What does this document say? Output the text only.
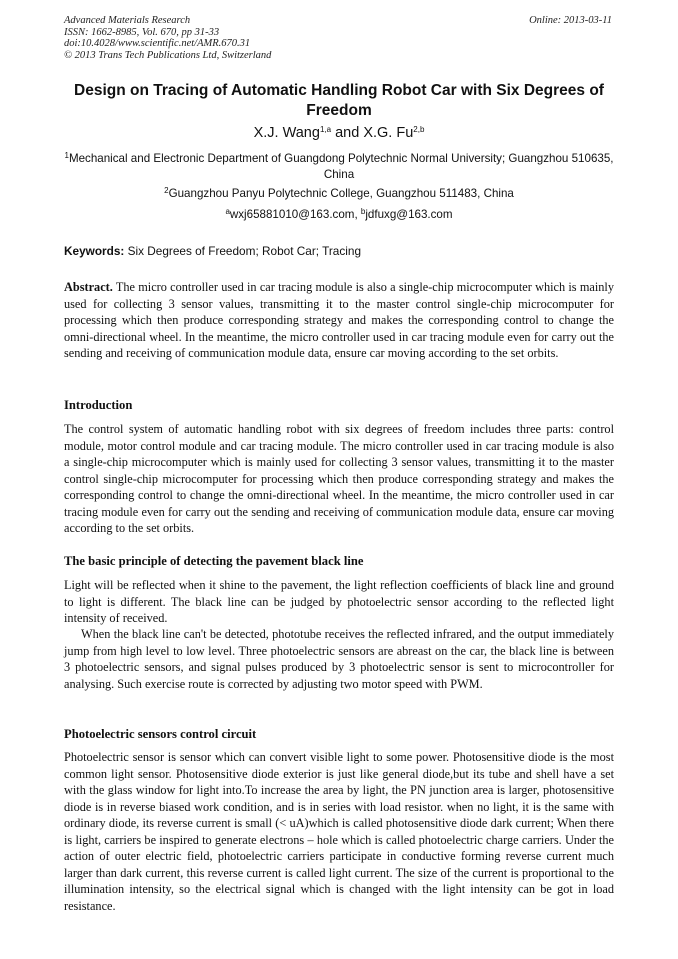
Advanced Materials Research
ISSN: 1662-8985, Vol. 670, pp 31-33
doi:10.4028/www.scientific.net/AMR.670.31
© 2013 Trans Tech Publications Ltd, Switzerland
Online: 2013-03-11
Design on Tracing of Automatic Handling Robot Car with Six Degrees of Freedom
X.J. Wang$^{1,a}$ and X.G. Fu$^{2,b}$
$^1$Mechanical and Electronic Department of Guangdong Polytechnic Normal University; Guangzhou 510635, China
$^2$Guangzhou Panyu Polytechnic College, Guangzhou 511483, China
$^a$wxj65881010@163.com, $^b$jdfuxg@163.com
Keywords: Six Degrees of Freedom; Robot Car; Tracing
Abstract. The micro controller used in car tracing module is also a single-chip microcomputer which is mainly used for collecting 3 sensor values, transmitting it to the master control single-chip microcomputer for processing which then produce corresponding strategy and makes the corresponding control to change the omni-directional wheel. In the meantime, the micro controller used in car tracing module even for carry out the sending and receiving of communication module data, ensure car moving according to the set orbits.
Introduction
The control system of automatic handling robot with six degrees of freedom includes three parts: control module, motor control module and car tracing module. The micro controller used in car tracing module is also a single-chip microcomputer which is mainly used for collecting 3 sensor values, transmitting it to the master control single-chip microcomputer for processing which then produce corresponding strategy and makes the corresponding control to change the omni-directional wheel. In the meantime, the micro controller used in car tracing module even for carry out the sending and receiving of communication module data, ensure car moving according to the set orbits.
The basic principle of detecting the pavement black line
Light will be reflected when it shine to the pavement, the light reflection coefficients of black line and ground to light is different. The black line can be judged by photoelectric sensor according to the reflected light intensity of received.
When the black line can't be detected, phototube receives the reflected infrared, and the output immediately jump from high level to low level. Three photoelectric sensors are abreast on the car, the black line is between 3 photoelectric sensors, and signal pulses produced by 3 photoelectric sensor is sent to microcontroller for analysing. Such exercise route is corrected by adjusting two motor speed with PWM.
Photoelectric sensors control circuit
Photoelectric sensor is sensor which can convert visible light to some power. Photosensitive diode is the most common light sensor. Photosensitive diode exterior is just like general diode,but its tube and shell have a set with the glass window for light into.To increase the area by light, the PN junction area is larger, photosensitive diode is in reverse biased work condition, and is in series with load resistor. when no light, it is the same with ordinary diode, its reverse current is small (< uA)which is called photosensitive diode dark current; When there is light, carriers be inspired to generate electrons – hole which is called photoelectric charge carriers. Under the action of outer electric field, photoelectric carriers participate in conductive forming reverse current much larger than dark current, this reverse current is called light current. The size of the current is proportional to the illumination intensity, so the electrical signal which is changed with the light intensity can be got in load resistance.
